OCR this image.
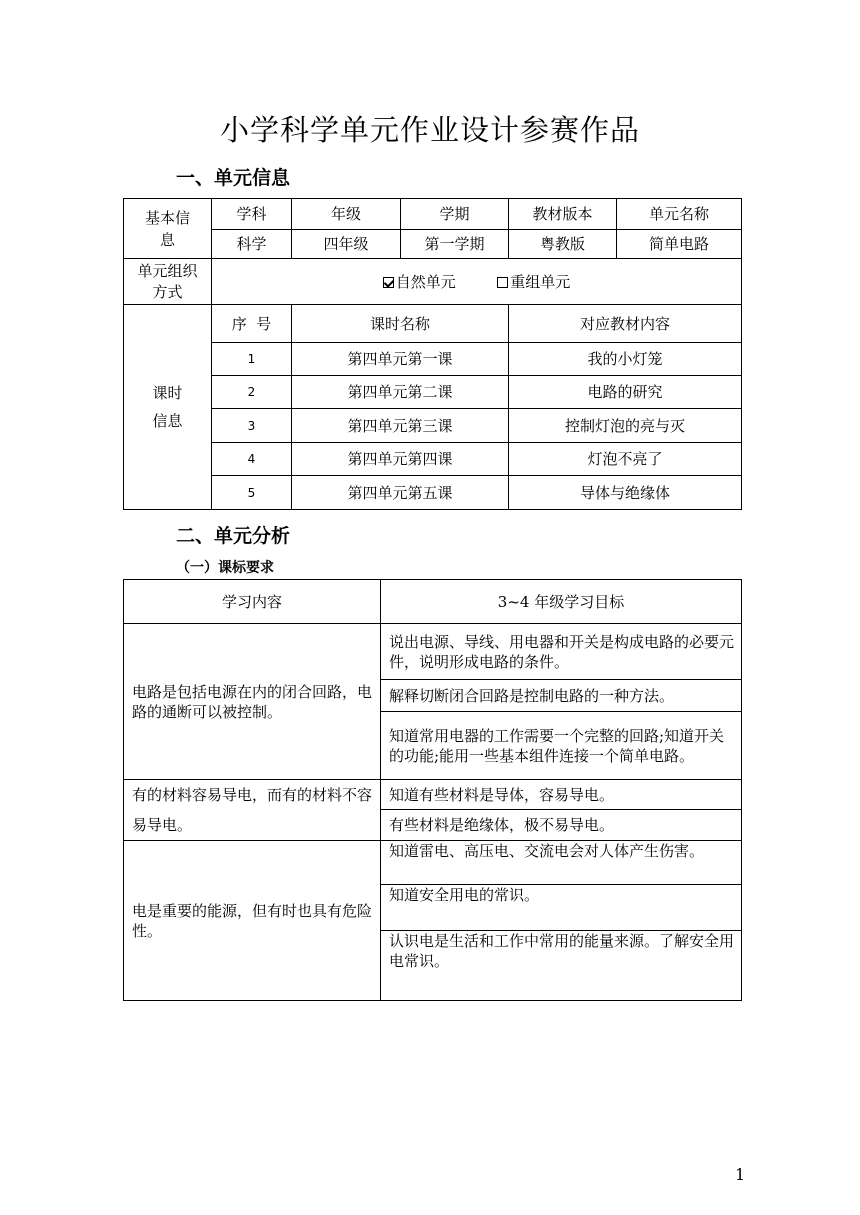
小学科学单元作业设计参赛作品
一、单元信息
基本信息	学科	年级	学期	教材版本	单元名称
	科学	四年级	第一学期	粤教版	简单电路
单元组织方式	自然单元 重组单元				
课时信息	序  号	课时名称		对应教材内容	
	1	第四单元第一课		我的小灯笼	
	2	第四单元第二课		电路的研究	
	3	第四单元第三课		控制灯泡的亮与灭	
	4	第四单元第四课		灯泡不亮了	
	5	第四单元第五课		导体与绝缘体	
二、单元分析
（一）课标要求
学习内容	3~4 年级学习目标
电路是包括电源在内的闭合回路，电路的通断可以被控制。	说出电源、导线、用电器和开关是构成电路的必要元件，说明形成电路的条件。
	解释切断闭合回路是控制电路的一种方法。
	知道常用电器的工作需要一个完整的回路;知道开关的功能;能用一些基本组件连接一个简单电路。
有的材料容易导电，而有的材料不容易导电。	知道有些材料是导体，容易导电。
	有些材料是绝缘体，极不易导电。
电是重要的能源，但有时也具有危险性。	知道雷电、高压电、交流电会对人体产生伤害。
	知道安全用电的常识。
	认识电是生活和工作中常用的能量来源。了解安全用电常识。
1
